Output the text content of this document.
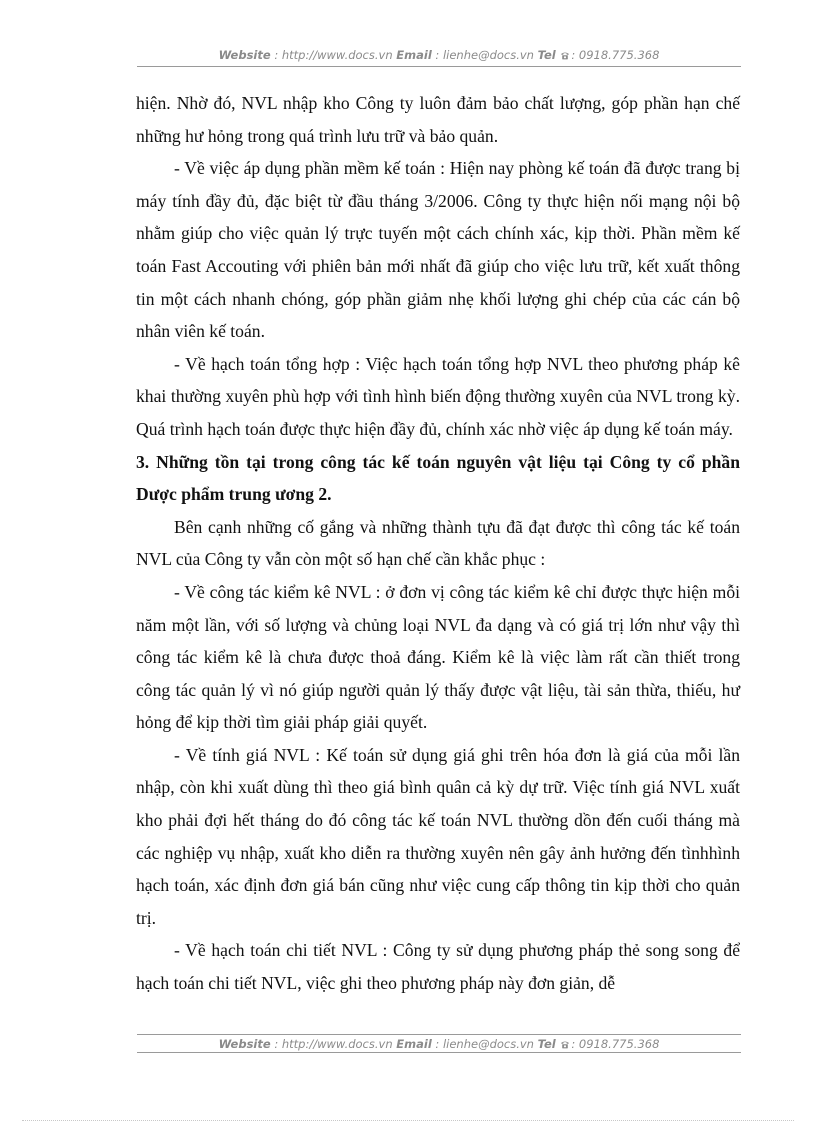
Website : http://www.docs.vn Email : lienhe@docs.vn Tel : 0918.775.368

hiện. Nhờ đó, NVL nhập kho Công ty luôn đảm bảo chất lượng, góp phần hạn chế những hư hỏng trong quá trình lưu trữ và bảo quản.

- Về việc áp dụng phần mềm kế toán : Hiện nay phòng kế toán đã được trang bị máy tính đầy đủ, đặc biệt từ đầu tháng 3/2006. Công ty thực hiện nối mạng nội bộ nhằm giúp cho việc quản lý trực tuyến một cách chính xác, kịp thời. Phần mềm kế toán Fast Accouting với phiên bản mới nhất đã giúp cho việc lưu trữ, kết xuất thông tin một cách nhanh chóng, góp phần giảm nhẹ khối lượng ghi chép của các cán bộ nhân viên kế toán.

- Về hạch toán tổng hợp : Việc hạch toán tổng hợp NVL theo phương pháp kê khai thường xuyên phù hợp với tình hình biến động thường xuyên của NVL trong kỳ. Quá trình hạch toán được thực hiện đầy đủ, chính xác nhờ việc áp dụng kế toán máy.

3. Những tồn tại trong công tác kế toán nguyên vật liệu tại Công ty cổ phần Dược phẩm trung ương 2.

Bên cạnh những cố gắng và những thành tựu đã đạt được thì công tác kế toán NVL của Công ty vẫn còn một số hạn chế cần khắc phục :

- Về công tác kiểm kê NVL : ở đơn vị công tác kiểm kê chỉ được thực hiện mỗi năm một lần, với số lượng và chủng loại NVL đa dạng và có giá trị lớn như vậy thì công tác kiểm kê là chưa được thoả đáng. Kiểm kê là việc làm rất cần thiết trong công tác quản lý vì nó giúp người quản lý thấy được vật liệu, tài sản thừa, thiếu, hư hỏng để kịp thời tìm giải pháp giải quyết.

- Về tính giá NVL : Kế toán sử dụng giá ghi trên hóa đơn là giá của mỗi lần nhập, còn khi xuất dùng thì theo giá bình quân cả kỳ dự trữ. Việc tính giá NVL xuất kho phải đợi hết tháng do đó công tác kế toán NVL thường dồn đến cuối tháng mà các nghiệp vụ nhập, xuất kho diễn ra thường xuyên nên gây ảnh hưởng đến tìnhhình hạch toán, xác định đơn giá bán cũng như việc cung cấp thông tin kịp thời cho quản trị.

- Về hạch toán chi tiết NVL : Công ty sử dụng phương pháp thẻ song song để hạch toán chi tiết NVL, việc ghi theo phương pháp này đơn giản, dễ

Website : http://www.docs.vn Email : lienhe@docs.vn Tel : 0918.775.368
